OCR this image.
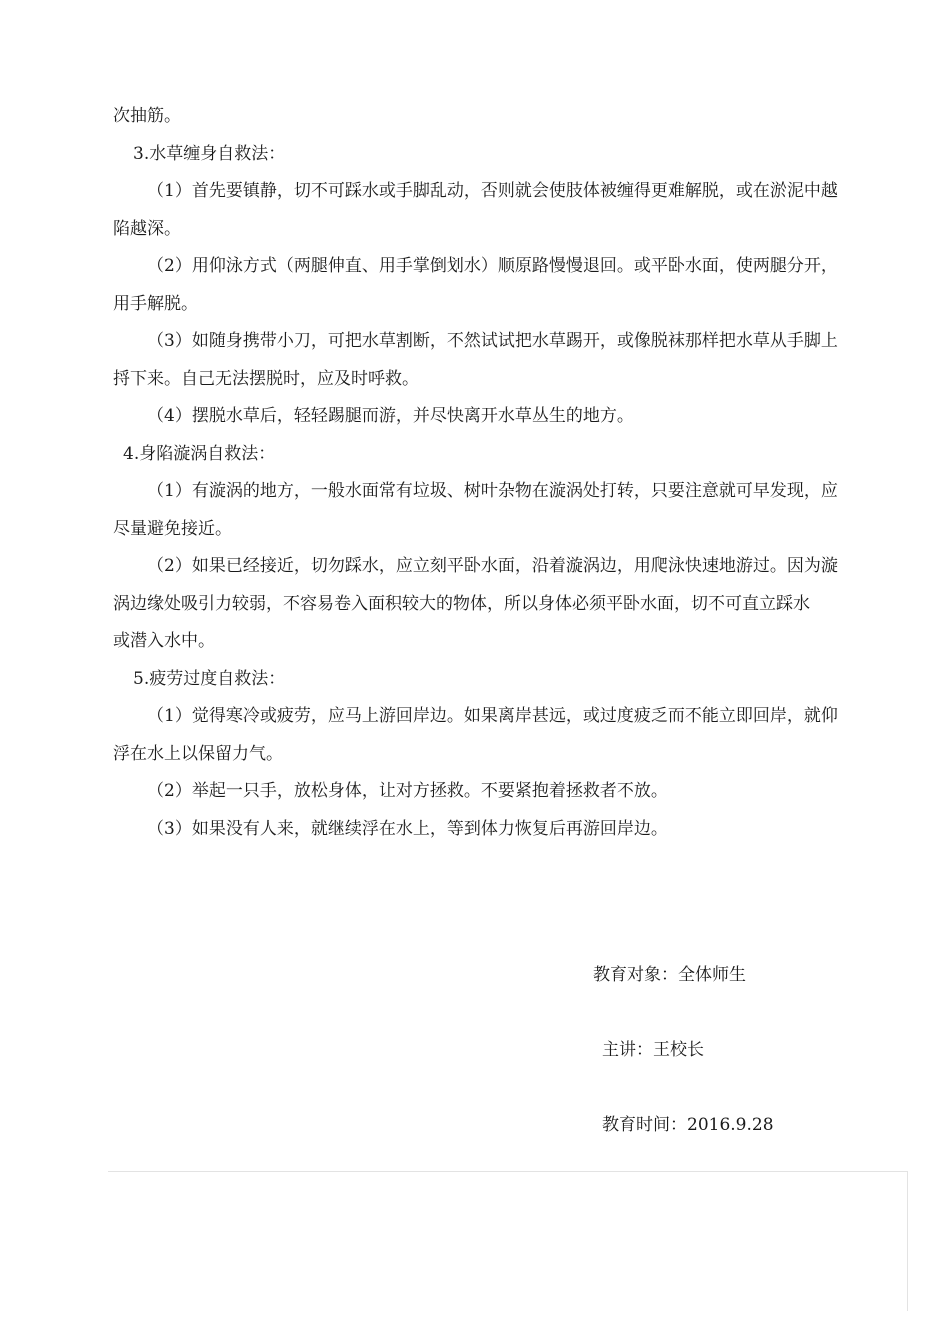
次抽筋。

3.水草缠身自救法：

（1）首先要镇静，切不可踩水或手脚乱动，否则就会使肢体被缠得更难解脱，或在淤泥中越

陷越深。

（2）用仰泳方式（两腿伸直、用手掌倒划水）顺原路慢慢退回。或平卧水面，使两腿分开，

用手解脱。

（3）如随身携带小刀，可把水草割断，不然试试把水草踢开，或像脱袜那样把水草从手脚上

捋下来。自己无法摆脱时，应及时呼救。

（4）摆脱水草后，轻轻踢腿而游，并尽快离开水草丛生的地方。

4.身陷漩涡自救法：

（1）有漩涡的地方，一般水面常有垃圾、树叶杂物在漩涡处打转，只要注意就可早发现，应

尽量避免接近。

（2）如果已经接近，切勿踩水，应立刻平卧水面，沿着漩涡边，用爬泳快速地游过。因为漩

涡边缘处吸引力较弱，不容易卷入面积较大的物体，所以身体必须平卧水面，切不可直立踩水

或潜入水中。

5.疲劳过度自救法：

（1）觉得寒冷或疲劳，应马上游回岸边。如果离岸甚远，或过度疲乏而不能立即回岸，就仰

浮在水上以保留力气。

（2）举起一只手，放松身体，让对方拯救。不要紧抱着拯救者不放。

（3）如果没有人来，就继续浮在水上，等到体力恢复后再游回岸边。

教育对象：全体师生
主讲：王校长
教育时间：2016.9.28
